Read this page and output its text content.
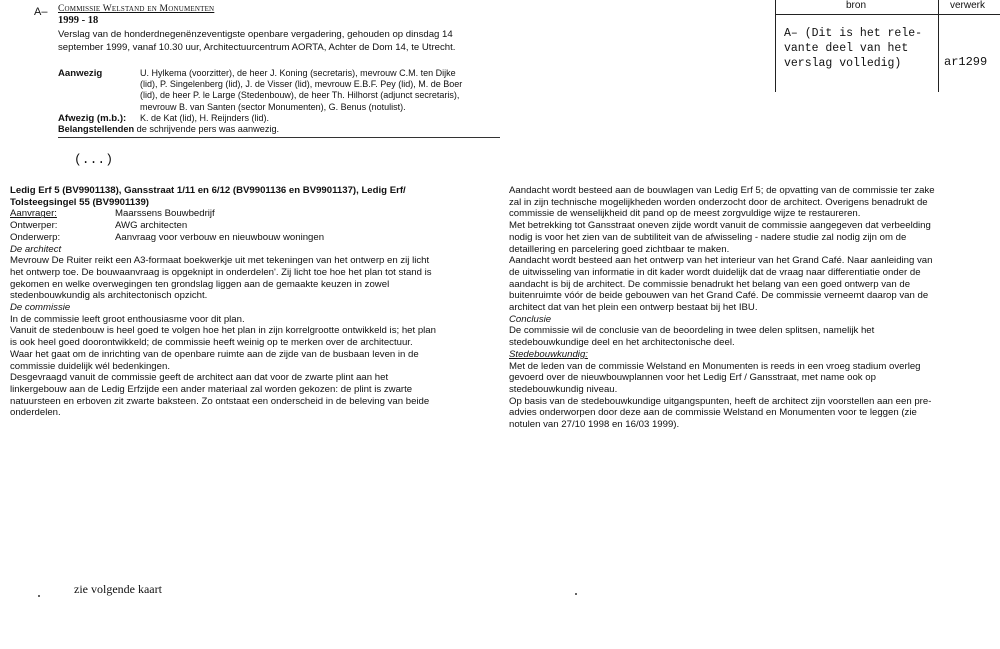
A– Commissie Welstand en Monumenten
1999 - 18
Verslag van de honderdnegenënzeventigste openbare vergadering, gehouden op dinsdag 14 september 1999, vanaf 10.30 uur, Architectuurcentrum AORTA, Achter de Dom 14, te Utrecht.
Aanwezig	U. Hylkema (voorzitter), de heer J. Koning (secretaris), mevrouw C.M. ten Dijke
(lid), P. Singelenberg (lid), J. de Visser (lid), mevrouw E.B.F. Pey (lid), M. de Boer
(lid), de heer P. le Large (Stedenbouw), de heer Th. Hilhorst (adjunct secretaris),
mevrouw B. van Santen (sector Monumenten), G. Benus (notulist).
Afwezig (m.b.): K. de Kat (lid), H. Reijnders (lid).
Belangstellenden de schrijvende pers was aanwezig.
(...)
bron	verwerk
A– (Dit is het rele-
vante deel van het
verslag volledig)	ar1299

Ledig Erf 5 (BV9901138), Gansstraat 1/11 en 6/12 (BV9901136 en BV9901137), Ledig Erf/

Tolsteegsingel 55 (BV9901139)

Aanvrager:	Maarssens Bouwbedrijf
Ontwerper:	AWG architecten
Onderwerp:	Aanvraag voor verbouw en nieuwbouw woningen

De architect

Mevrouw De Ruiter reikt een A3-formaat boekwerkje uit met tekeningen van het ontwerp en zij licht

het ontwerp toe. De bouwaanvraag is opgeknipt in onderdelen'. Zij licht toe hoe het plan tot stand is

gekomen en welke overwegingen ten grondslag liggen aan de gemaakte keuzen in zowel

stedenbouwkundig als architectonisch opzicht.

De commissie

In de commissie leeft groot enthousiasme voor dit plan.

Vanuit de stedenbouw is heel goed te volgen hoe het plan in zijn korrelgrootte ontwikkeld is; het plan

is ook heel goed doorontwikkeld; de commissie heeft weinig op te merken over de architectuur.

Waar het gaat om de inrichting van de openbare ruimte aan de zijde van de busbaan leven in de

commissie duidelijk wél bedenkingen.

Desgevraagd vanuit de commissie geeft de architect aan dat voor de zwarte plint aan het

linkergebouw aan de Ledig Erfzijde een ander materiaal zal worden gekozen: de plint is zwarte

natuursteen en erboven zit zwarte baksteen. Zo ontstaat een onderscheid in de beleving van beide

onderdelen.

Aandacht wordt besteed aan de bouwlagen van Ledig Erf 5; de opvatting van de commissie ter zake

zal in zijn technische mogelijkheden worden onderzocht door de architect. Overigens benadrukt de

commissie de wenselijkheid dit pand op de meest zorgvuldige wijze te restaureren.

Met betrekking tot Gansstraat oneven zijde wordt vanuit de commissie aangegeven dat verbeelding

nodig is voor het zien van de subtiliteit van de afwisseling - nadere studie zal nodig zijn om de

detaillering en parcelering goed zichtbaar te maken.

Aandacht wordt besteed aan het ontwerp van het interieur van het Grand Café. Naar aanleiding van

de uitwisseling van informatie in dit kader wordt duidelijk dat de vraag naar differentiatie onder de

aandacht is bij de architect. De commissie benadrukt het belang van een goed ontwerp van de

buitenruimte vóór de beide gebouwen van het Grand Café. De commissie verneemt daarop van de

architect dat van het plein een ontwerp bestaat bij het IBU.

Conclusie

De commissie wil de conclusie van de beoordeling in twee delen splitsen, namelijk het

stedebouwkundige deel en het architectonische deel.

Stedebouwkundig:

Met de leden van de commissie Welstand en Monumenten is reeds in een vroeg stadium overleg

gevoerd over de nieuwbouwplannen voor het Ledig Erf / Gansstraat, met name ook op

stedebouwkundig niveau.

Op basis van de stedebouwkundige uitgangspunten, heeft de architect zijn voorstellen aan een pre-

advies onderworpen door deze aan de commissie Welstand en Monumenten voor te leggen (zie

notulen van 27/10 1998 en 16/03 1999).

zie volgende kaart
